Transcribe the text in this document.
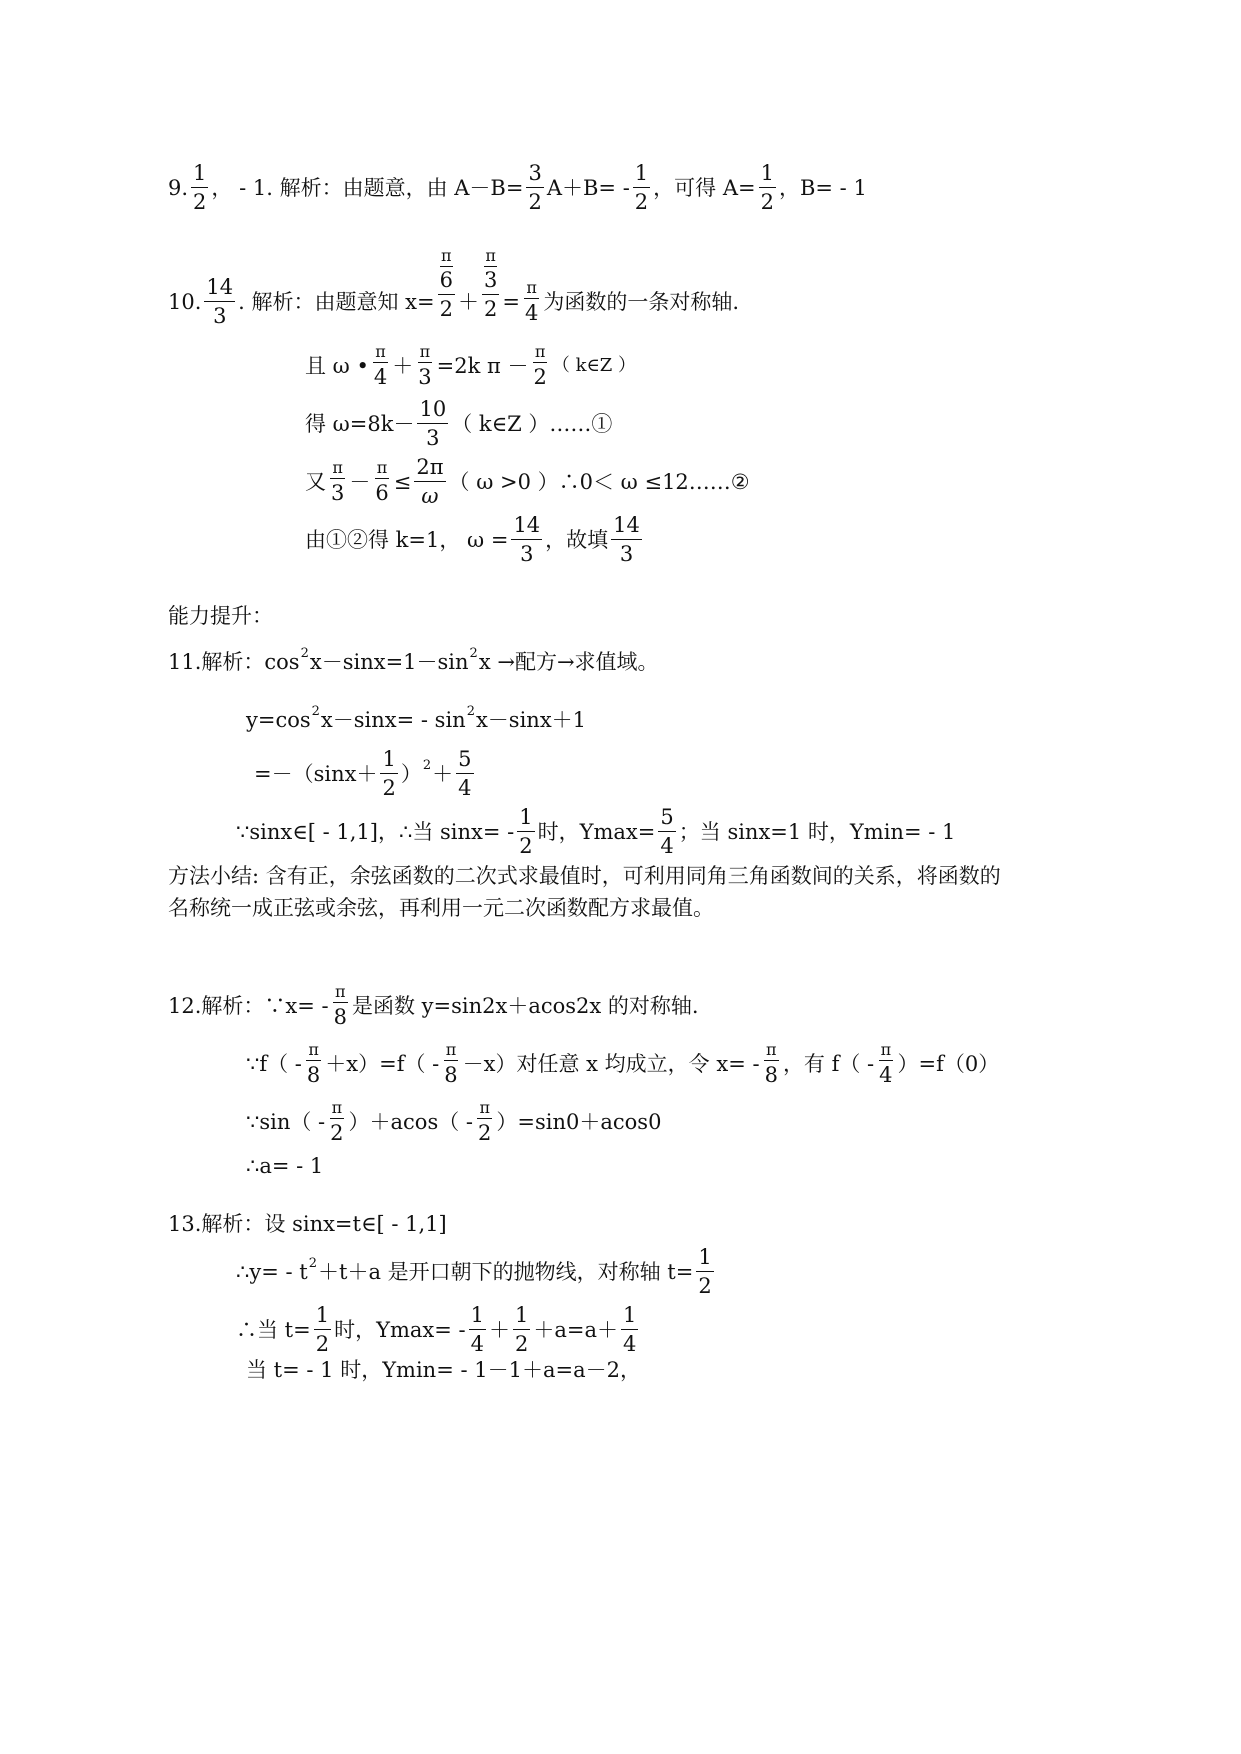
9. $\frac{1}{2}$ ， - 1. 解析：由题意，由 $A-B= \frac{3}{2} A+B= - \frac{1}{2}$ ，可得 $A= \frac{1}{2}$ ，B= - 1
10. $\frac{14}{3}$ . 解析：由题意知 x= π
6
2 ＋ π
3
$2 = \frac{\pi}{4}$ 为函数的一条对称轴.
且 ω • $\frac{\pi}{4} + \frac{\pi}{3} =2k$ $\pi - \frac{\pi}{2}$ （ k∈Z ）
得 $\omega=8k- \frac{10}{3}$ （ k∈Z ）……①
又 $\frac{\pi}{3} - \frac{\pi}{6} \le \frac{2\pi}{\omega}$ （ ω >0 ）∴0＜ ω ≤12……②
由①②得 k=1， $\omega = \frac{14}{3}$ ，故填 $\frac{14}{3}$
能力提升：
11.解析：cos 2 x－sinx=1－sin 2 x →配方→求值域。
y=cos 2 x－sinx= - sin 2 x－sinx＋1
$=-(\sin x+ \frac{1}{2}$ ） $2 + \frac{5}{4}$
∵sinx∈[ - 1,1]，∴当 $\sin x= - \frac{1}{2}$ 时，$Ymax= \frac{5}{4}$ ；当 sinx=1 时，Ymin= - 1
方法小结: 含有正，余弦函数的二次式求最值时，可利用同角三角函数间的关系，将函数的
名称统一成正弦或余弦，再利用一元二次函数配方求最值。
12.解析：∵x= - $\frac{\pi}{8}$ 是函数 y=sin2x＋acos2x 的对称轴.
∵f（ - $\frac{\pi}{8} +x)=f( - \frac{\pi}{8} -x)$对任意 x 均成立，令 $x= - \frac{\pi}{8}$ ，有 $f( - \frac{\pi}{4} )=f(0)$
∵sin（ - $\frac{\pi}{2} )+acos( - \frac{\pi}{2} )=\sin 0+acos0$
∴a= - 1
13.解析：设 sinx=t∈[ - 1,1]
∴y= - t 2 ＋t＋a 是开口朝下的抛物线，对称轴 $t= \frac{1}{2}$
∴当 $t= \frac{1}{2}$ 时，$Ymax= - \frac{1}{4} + \frac{1}{2} +a=a+ \frac{1}{4}$
当 t= - 1 时，Ymin= - 1－1＋a=a－2，
